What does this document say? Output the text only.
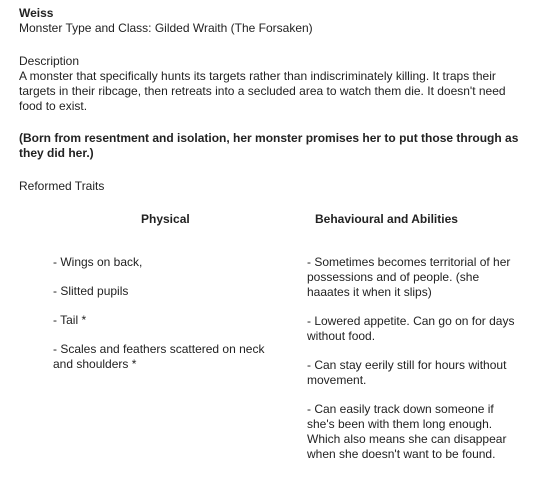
Weiss

Monster Type and Class: Gilded Wraith (The Forsaken)

Description

A monster that specifically hunts its targets rather than indiscriminately killing. It traps their targets in their ribcage, then retreats into a secluded area to watch them die. It doesn't need food to exist.

(Born from resentment and isolation, her monster promises her to put those through as they did her.)

Reformed Traits

Physical

- Wings on back,
- Slitted pupils
- Tail *
- Scales and feathers scattered on neck and shoulders *

Behavioural and Abilities

- Sometimes becomes territorial of her possessions and of people. (she haaates it when it slips)
- Lowered appetite. Can go on for days without food.
- Can stay eerily still for hours without movement.
- Can easily track down someone if she's been with them long enough. Which also means she can disappear when she doesn't want to be found.
